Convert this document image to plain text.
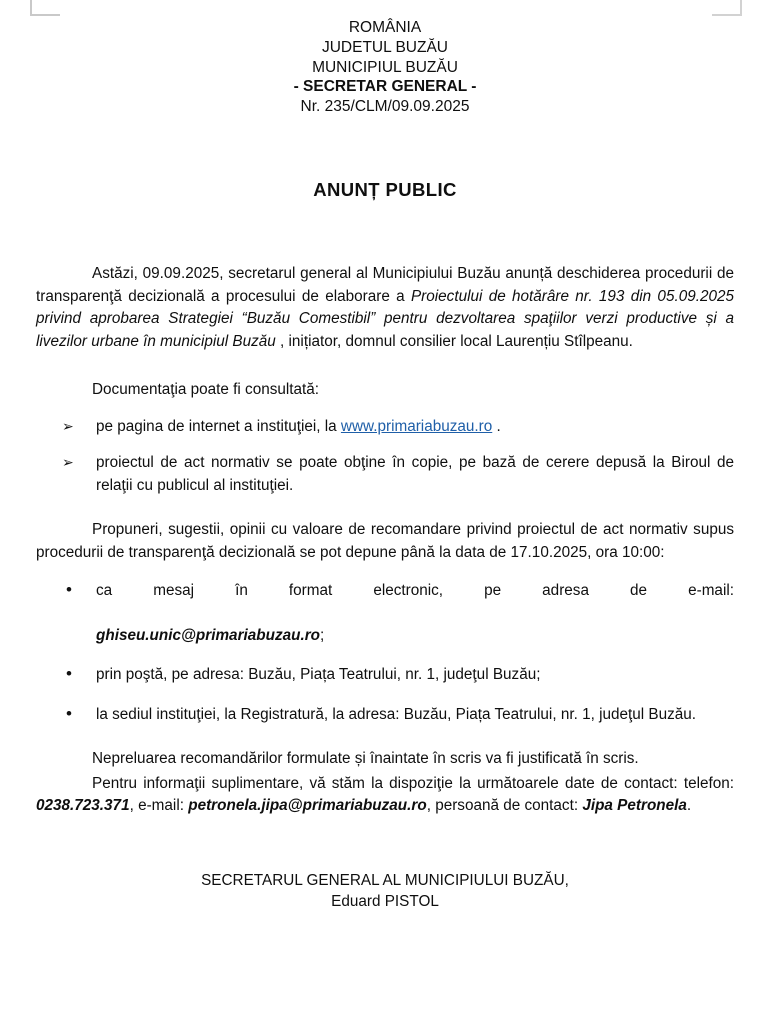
ROMÂNIA
JUDETUL BUZĂU
MUNICIPIUL BUZĂU
- SECRETAR GENERAL -
Nr. 235/CLM/09.09.2025
ANUNȚ PUBLIC

Astăzi, 09.09.2025, secretarul general al Municipiului Buzău anunță deschiderea procedurii de transparenţă decizională a procesului de elaborare a Proiectului de hotărâre nr. 193 din 05.09.2025 privind aprobarea Strategiei “Buzău Comestibil” pentru dezvoltarea spaţiilor verzi productive și a livezilor urbane în municipiul Buzău , inițiator, domnul consilier local Laurențiu Stîlpeanu.

Documentaţia poate fi consultată:

➢ pe pagina de internet a instituţiei, la www.primariabuzau.ro .
➢ proiectul de act normativ se poate obţine în copie, pe bază de cerere depusă la Biroul de relaţii cu publicul al instituţiei.

Propuneri, sugestii, opinii cu valoare de recomandare privind proiectul de act normativ supus procedurii de transparenţă decizională se pot depune până la data de 17.10.2025, ora 10:00:

• ca mesaj în format electronic, pe adresa de e-mail:
ghiseu.unic@primariabuzau.ro;
• prin poştă, pe adresa: Buzău, Piața Teatrului, nr. 1, judeţul Buzău;
• la sediul instituţiei, la Registratură, la adresa: Buzău, Piața Teatrului, nr. 1, judeţul Buzău.

Nepreluarea recomandărilor formulate și înaintate în scris va fi justificată în scris.

Pentru informaţii suplimentare, vă stăm la dispoziţie la următoarele date de contact: telefon: 0238.723.371, e-mail: petronela.jipa@primariabuzau.ro, persoană de contact: Jipa Petronela.

SECRETARUL GENERAL AL MUNICIPIULUI BUZĂU,
Eduard PISTOL
